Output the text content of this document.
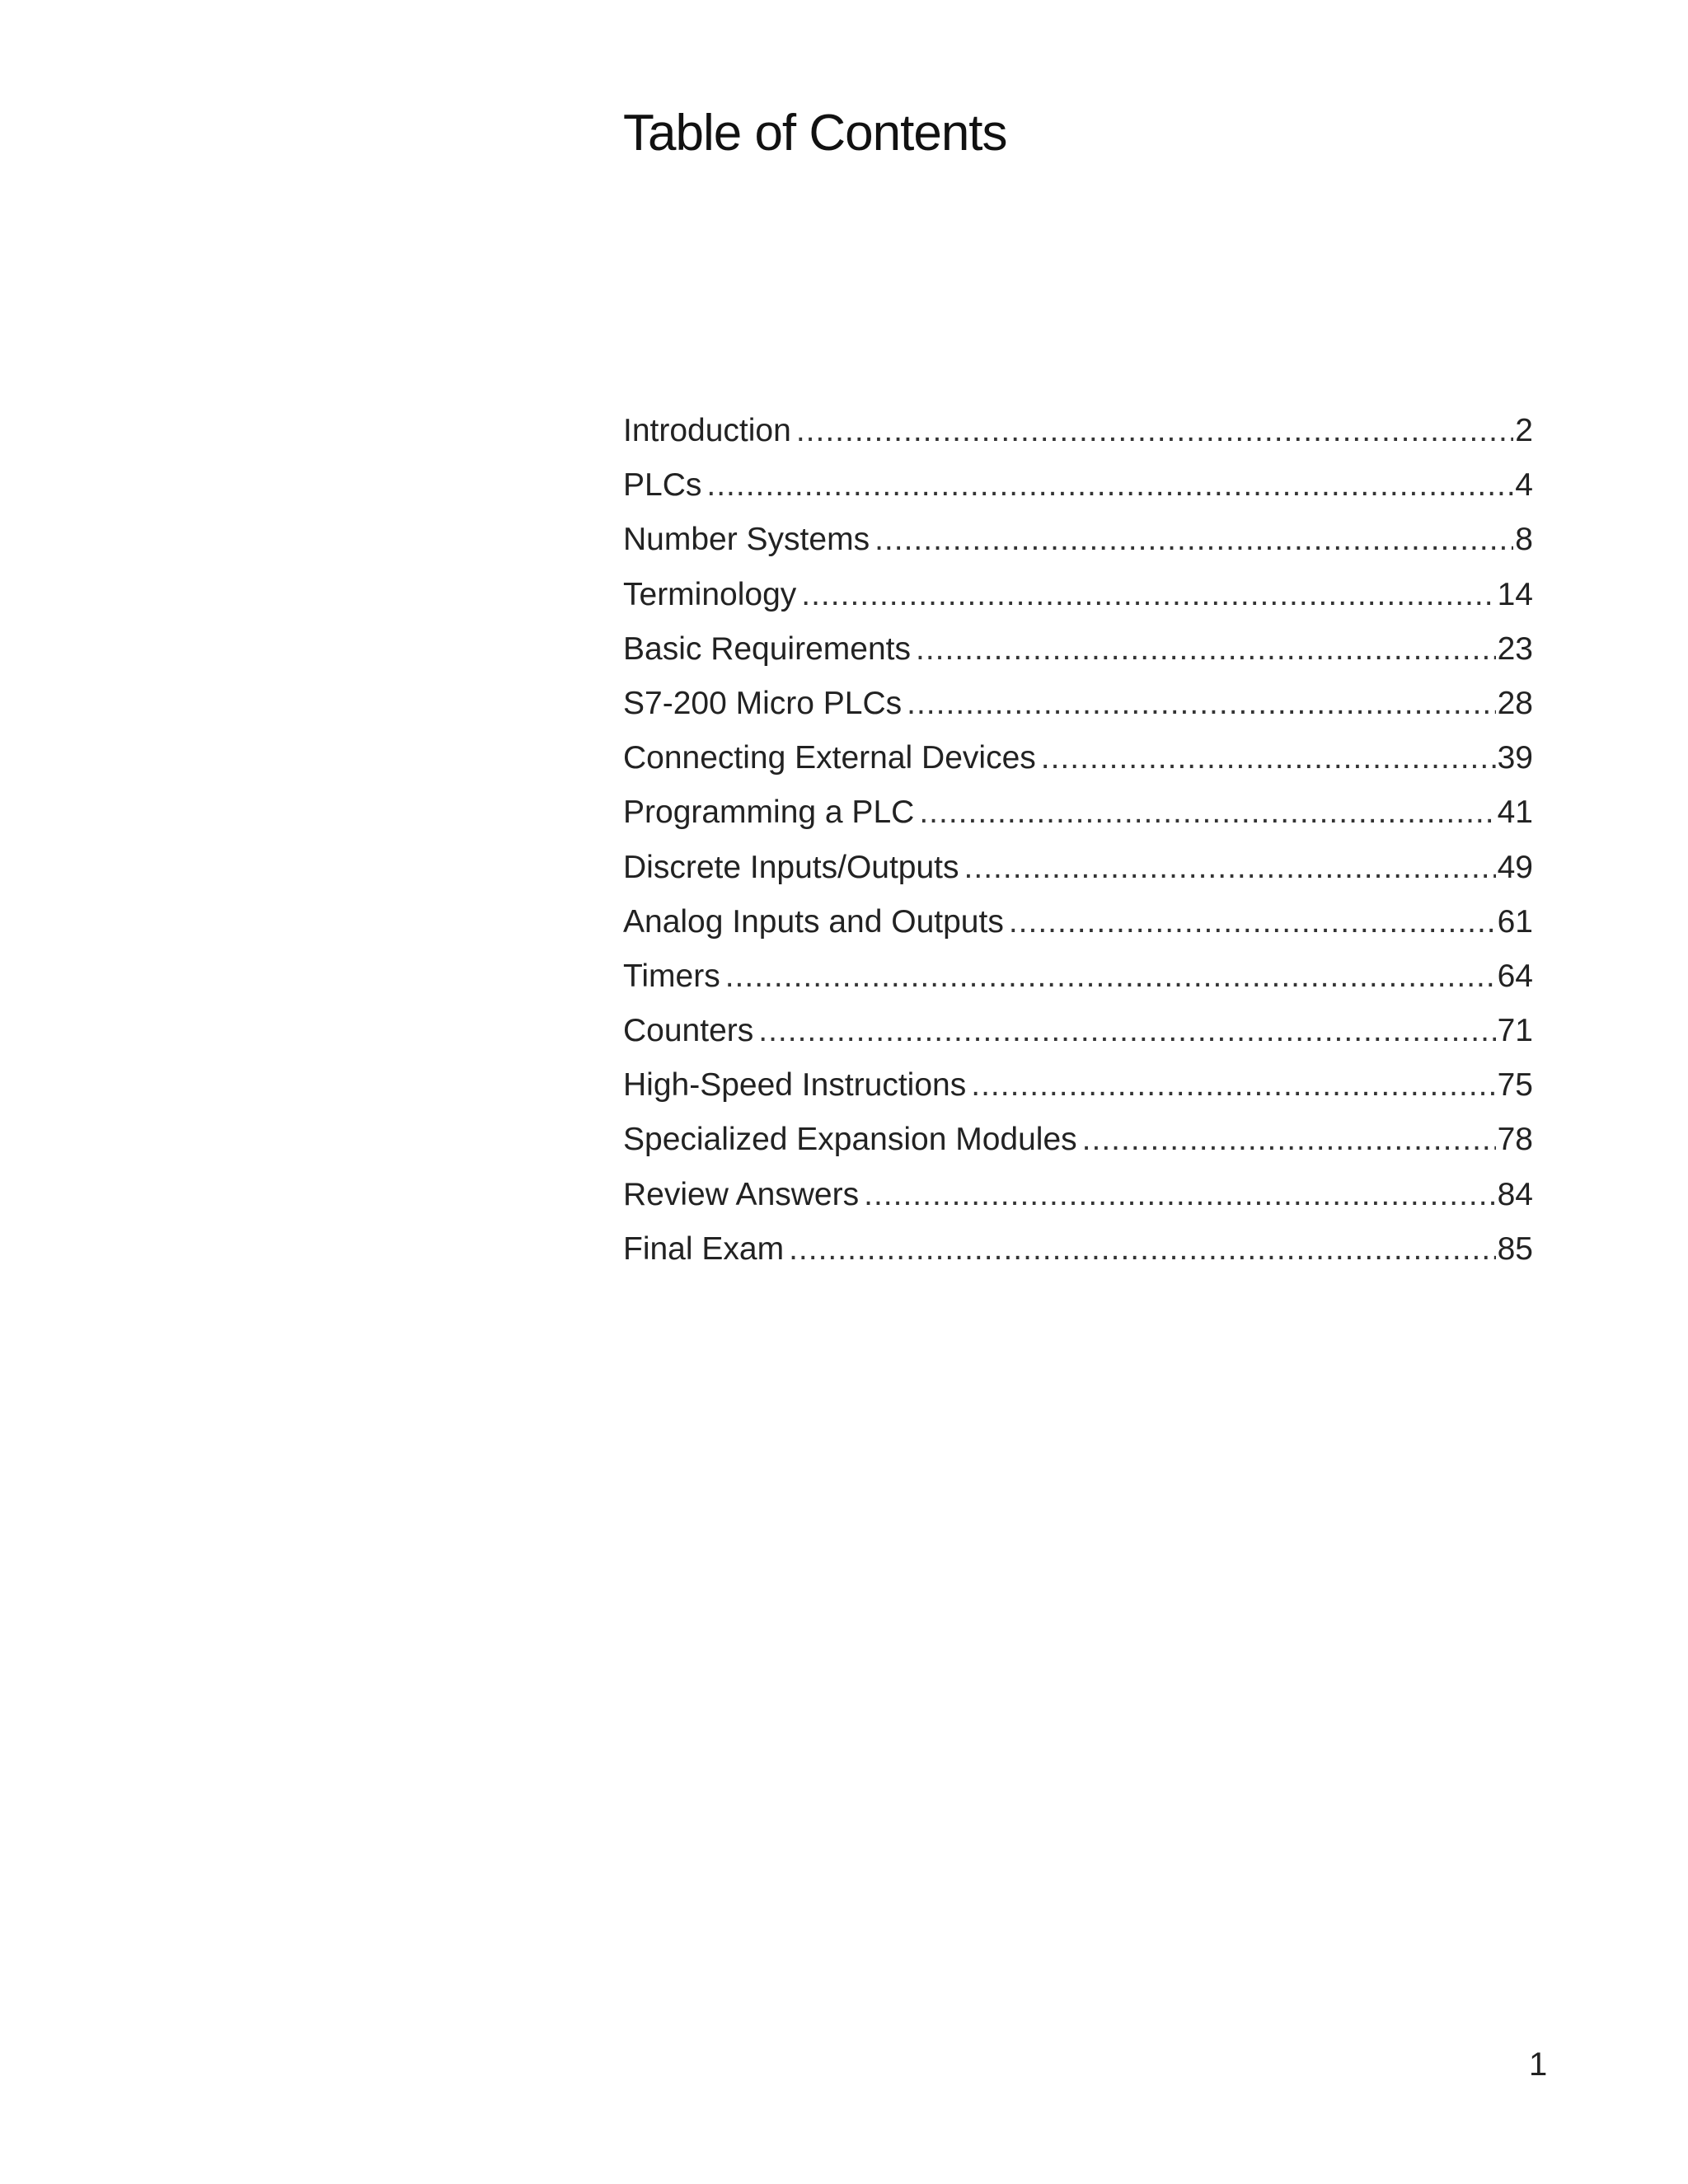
Table of Contents
Introduction .....	2
PLCs .....	4
Number Systems .....	8
Terminology .....	14
Basic Requirements .....	23
S7-200 Micro PLCs .....	28
Connecting External Devices .....	39
Programming a PLC .....	41
Discrete Inputs/Outputs .....	49
Analog Inputs and Outputs .....	61
Timers .....	64
Counters .....	71
High-Speed Instructions .....	75
Specialized Expansion Modules .....	78
Review Answers .....	84
Final Exam .....	85
1
